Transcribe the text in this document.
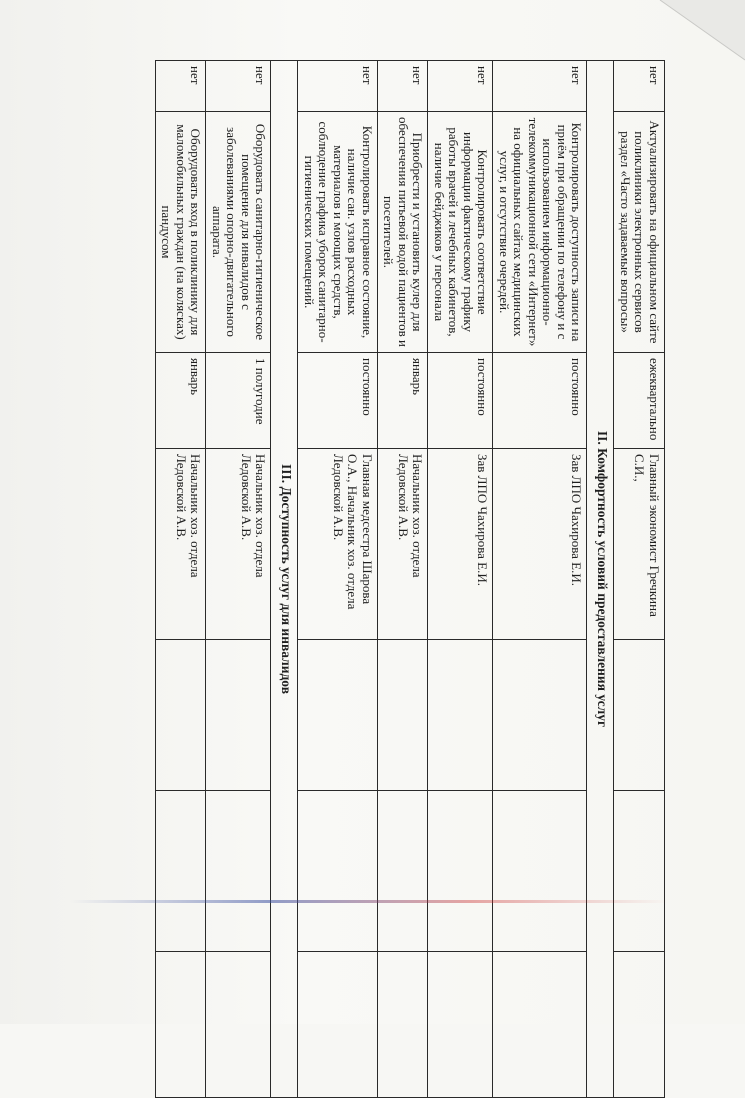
нет	Актуализировать на официальном сайте поликлиники электронных сервисов раздел «Часто задаваемые вопросы»	ежеквартально	Главный экономист Гречкина С.И.,			
II. Комфортность условий предоставления услуг						
нет	Контролировать доступность записи на приём при обращении по телефону и с использованием информационно-телекоммуникационной сети «Интернет» на официальных сайтах медицинских услуг, и отсутствие очередей.	постоянно	Зав ЛПО Чахирова Е.И.			
нет	Контролировать соответствие информации фактическому графику работы врачей и лечебных кабинетов, наличие бейджиков у персонала	постоянно	Зав ЛПО Чахирова Е.И.			
нет	Приобрести и установить кулер для обеспечения питьевой водой пациентов и посетителей.	январь	Начальник хоз. отдела Ледовской А.В.			
нет	Контролировать исправное состояние, наличие сан. узлов расходных материалов и моющих средств, соблюдение графика уборок санитарно-гигиенических помещений.	постоянно	Главная медсестра Шарова О.А., Начальник хоз. отдела Ледовской А.В.			
III. Доступность услуг для инвалидов						
нет	Оборудовать санитарно-гигиеническое помещение для инвалидов с заболеваниями опорно-двигательного аппарата.	1 полугодие	Начальник хоз. отдела Ледовской А.В.			
нет	Оборудовать вход в поликлинику для маломобильных граждан (на колясках) пандусом	январь	Начальник хоз. отдела Ледовской А.В.			
